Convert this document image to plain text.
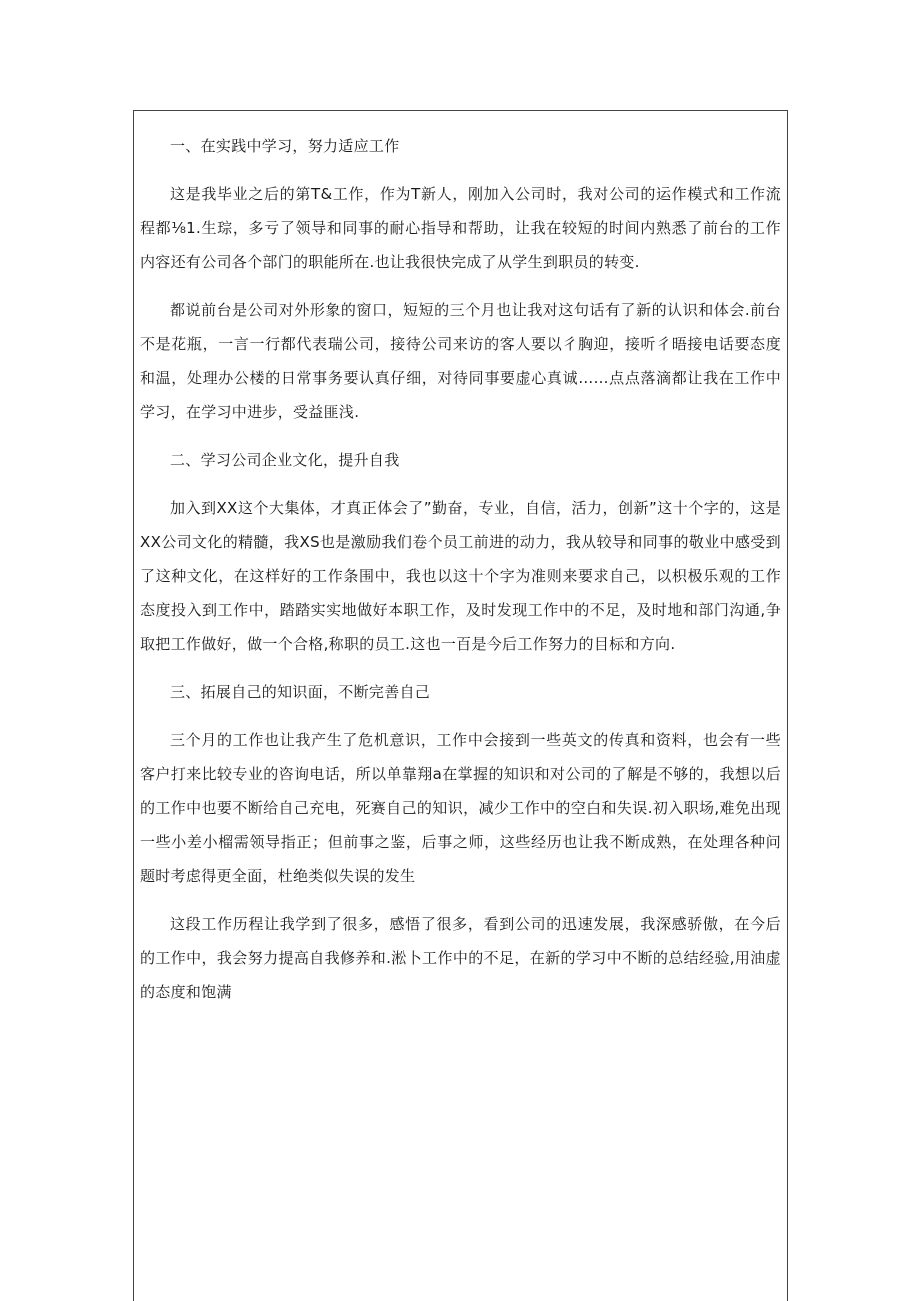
一、在实践中学习，努力适应工作

这是我毕业之后的第T&工作，作为T新人，刚加入公司时，我对公司的运作模式和工作流程都⅛1.生琮，多亏了领导和同事的耐心指导和帮助，让我在较短的时间内熟悉了前台的工作内容还有公司各个部门的职能所在.也让我很快完成了从学生到职员的转变.

都说前台是公司对外形象的窗口，短短的三个月也让我对这句话有了新的认识和体会.前台不是花瓶，一言一行都代表瑞公司，接待公司来访的客人要以彳胸迎，接听彳晤接电话要态度和温，处理办公楼的日常事务要认真仔细，对待同事要虚心真诚……点点落滴都让我在工作中学习，在学习中进步，受益匪浅.

二、学习公司企业文化，提升自我

加入到XX这个大集体，才真正体会了”勤奋，专业，自信，活力，创新”这十个字的，这是XX公司文化的精髓，我XS也是激励我们卷个员工前进的动力，我从较导和同事的敬业中感受到了这种文化，在这样好的工作条围中，我也以这十个字为准则来要求自己，以枳极乐观的工作态度投入到工作中，踏踏实实地做好本职工作，及时发现工作中的不足，及时地和部门沟通,争取把工作做好，做一个合格,称职的员工.这也一百是今后工作努力的目标和方向.

三、拓展自己的知识面，不断完善自己

三个月的工作也让我产生了危机意识，工作中会接到一些英文的传真和资料，也会有一些客户打来比较专业的咨询电话，所以单靠翔a在掌握的知识和对公司的了解是不够的，我想以后的工作中也要不断给自己充电，死赛自己的知识，减少工作中的空白和失误.初入职场,难免出现一些小差小榴需领导指正；但前事之鉴，后事之师，这些经历也让我不断成熟，在处理各种问题时考虑得更全面，杜绝类似失误的发生

这段工作历程让我学到了很多，感悟了很多，看到公司的迅速发展，我深感骄傲，在今后的工作中，我会努力提高自我修养和.淞卜工作中的不足，在新的学习中不断的总结经验,用油虚的态度和饱满
